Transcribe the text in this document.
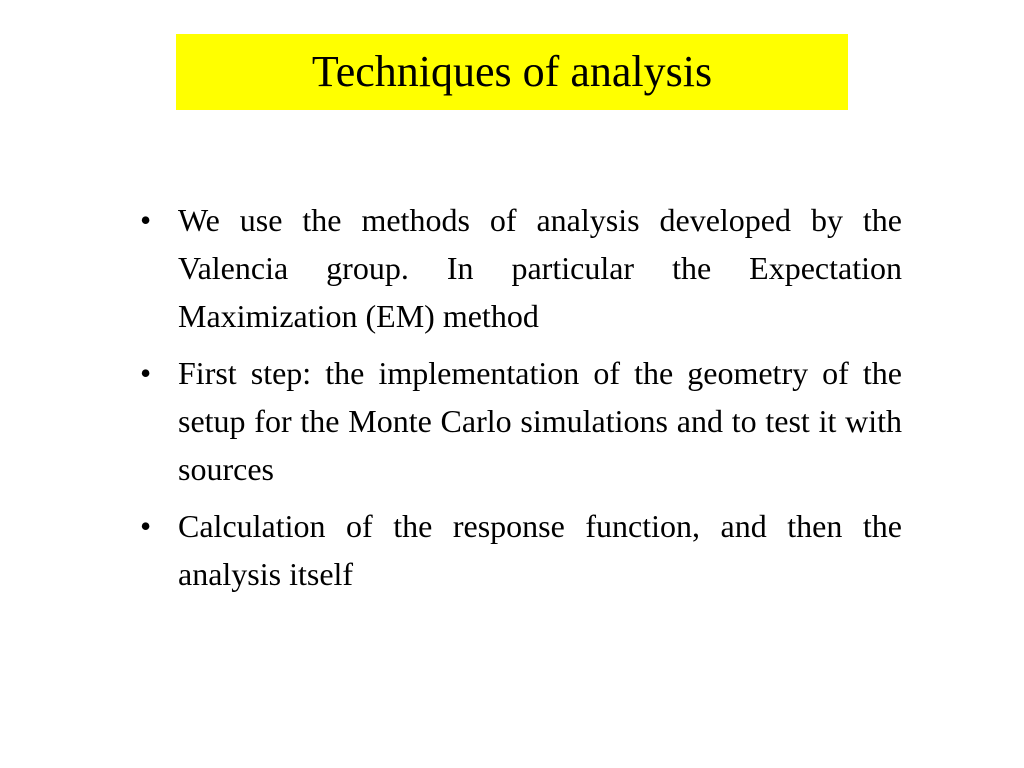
Techniques of analysis
• We use the methods of analysis developed by the Valencia group. In particular the Expectation Maximization (EM) method
• First step: the implementation of the geometry of the setup for the Monte Carlo simulations and to test it with sources
• Calculation of the response function, and then the analysis itself
